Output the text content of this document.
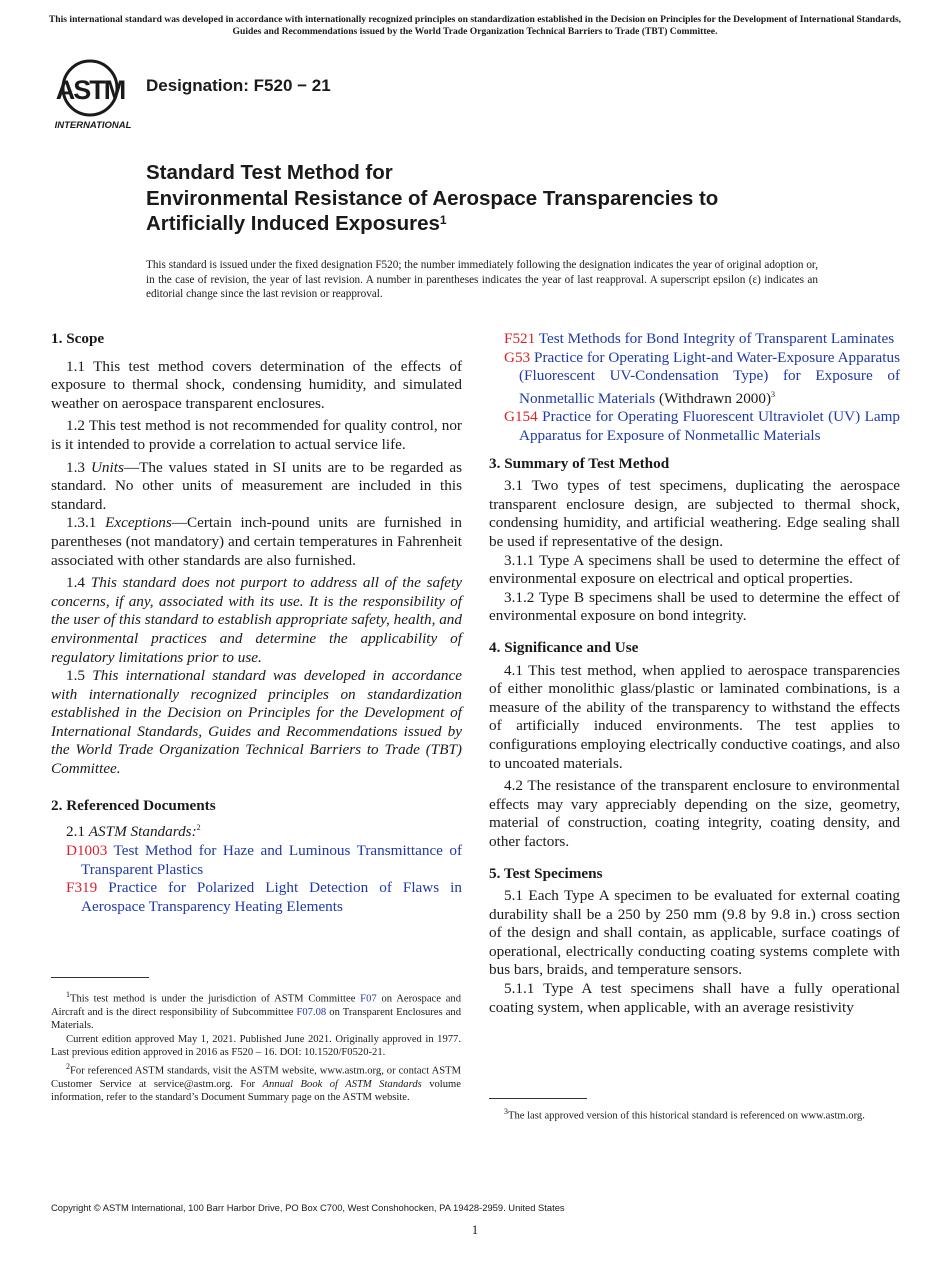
This international standard was developed in accordance with internationally recognized principles on standardization established in the Decision on Principles for the Development of International Standards, Guides and Recommendations issued by the World Trade Organization Technical Barriers to Trade (TBT) Committee.
ASTM
INTERNATIONAL
Designation: F520 − 21
Standard Test Method for
Environmental Resistance of Aerospace Transparencies to
Artificially Induced Exposures$^1$
This standard is issued under the fixed designation F520; the number immediately following the designation indicates the year of original adoption or, in the case of revision, the year of last revision. A number in parentheses indicates the year of last reapproval. A superscript epsilon (ε) indicates an editorial change since the last revision or reapproval.
1. Scope

1.1 This test method covers determination of the effects of exposure to thermal shock, condensing humidity, and simulated weather on aerospace transparent enclosures.

1.2 This test method is not recommended for quality control, nor is it intended to provide a correlation to actual service life.

1.3 Units—The values stated in SI units are to be regarded as standard. No other units of measurement are included in this standard.

1.3.1 Exceptions—Certain inch-pound units are furnished in parentheses (not mandatory) and certain temperatures in Fahrenheit associated with other standards are also furnished.

1.4 This standard does not purport to address all of the safety concerns, if any, associated with its use. It is the responsibility of the user of this standard to establish appropriate safety, health, and environmental practices and determine the applicability of regulatory limitations prior to use.

1.5 This international standard was developed in accordance with internationally recognized principles on standardization established in the Decision on Principles for the Development of International Standards, Guides and Recommendations issued by the World Trade Organization Technical Barriers to Trade (TBT) Committee.

2. Referenced Documents

2.1 ASTM Standards:$^2$

D1003 Test Method for Haze and Luminous Transmittance of Transparent Plastics

F319 Practice for Polarized Light Detection of Flaws in Aerospace Transparency Heating Elements

$^1$This test method is under the jurisdiction of ASTM Committee F07 on Aerospace and Aircraft and is the direct responsibility of Subcommittee F07.08 on Transparent Enclosures and Materials.

Current edition approved May 1, 2021. Published June 2021. Originally approved in 1977. Last previous edition approved in 2016 as F520 – 16. DOI: 10.1520/F0520-21.

$^2$For referenced ASTM standards, visit the ASTM website, www.astm.org, or contact ASTM Customer Service at service@astm.org. For Annual Book of ASTM Standards volume information, refer to the standard’s Document Summary page on the ASTM website.

F521 Test Methods for Bond Integrity of Transparent Laminates

G53 Practice for Operating Light-and Water-Exposure Apparatus (Fluorescent UV-Condensation Type) for Exposure of Nonmetallic Materials (Withdrawn 2000)$^3$

G154 Practice for Operating Fluorescent Ultraviolet (UV) Lamp Apparatus for Exposure of Nonmetallic Materials

3. Summary of Test Method

3.1 Two types of test specimens, duplicating the aerospace transparent enclosure design, are subjected to thermal shock, condensing humidity, and artificial weathering. Edge sealing shall be used if representative of the design.

3.1.1 Type A specimens shall be used to determine the effect of environmental exposure on electrical and optical properties.

3.1.2 Type B specimens shall be used to determine the effect of environmental exposure on bond integrity.

4. Significance and Use

4.1 This test method, when applied to aerospace transparencies of either monolithic glass/plastic or laminated combinations, is a measure of the ability of the transparency to withstand the effects of artificially induced environments. The test applies to configurations employing electrically conductive coatings, and also to uncoated materials.

4.2 The resistance of the transparent enclosure to environmental effects may vary appreciably depending on the size, geometry, material of construction, coating integrity, coating density, and other factors.

5. Test Specimens

5.1 Each Type A specimen to be evaluated for external coating durability shall be a 250 by 250 mm (9.8 by 9.8 in.) cross section of the design and shall contain, as applicable, surface coatings of operational, electrically conducting coating systems complete with bus bars, braids, and temperature sensors.

5.1.1 Type A test specimens shall have a fully operational coating system, when applicable, with an average resistivity

$^3$The last approved version of this historical standard is referenced on www.astm.org.

Copyright © ASTM International, 100 Barr Harbor Drive, PO Box C700, West Conshohocken, PA 19428-2959. United States
1
